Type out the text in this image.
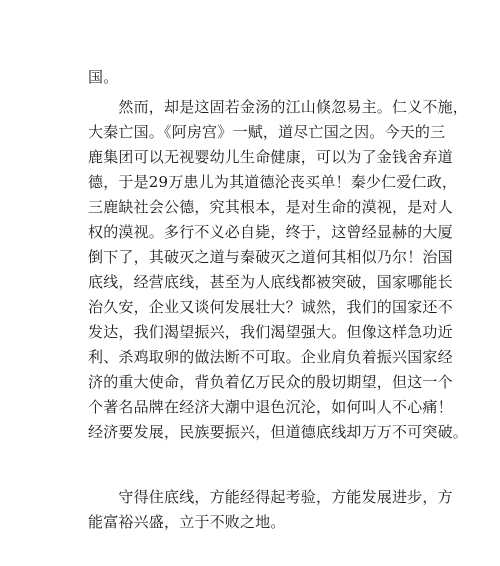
国。
　　然而，却是这固若金汤的江山倏忽易主。仁义不施，
大秦亡国。《阿房宫》一赋，道尽亡国之因。今天的三
鹿集团可以无视婴幼儿生命健康，可以为了金钱舍弃道
德，于是29万患儿为其道德沦丧买单！秦少仁爱仁政，
三鹿缺社会公德，究其根本，是对生命的漠视，是对人
权的漠视。多行不义必自毙，终于，这曾经显赫的大厦
倒下了，其破灭之道与秦破灭之道何其相似乃尔！治国
底线，经营底线，甚至为人底线都被突破，国家哪能长
治久安，企业又谈何发展壮大？诚然，我们的国家还不
发达，我们渴望振兴，我们渴望强大。但像这样急功近
利、杀鸡取卵的做法断不可取。企业肩负着振兴国家经
济的重大使命，背负着亿万民众的殷切期望，但这一个
个著名品牌在经济大潮中退色沉沦，如何叫人不心痛！
经济要发展，民族要振兴，但道德底线却万万不可突破。
　　守得住底线，方能经得起考验，方能发展进步，方
能富裕兴盛，立于不败之地。
